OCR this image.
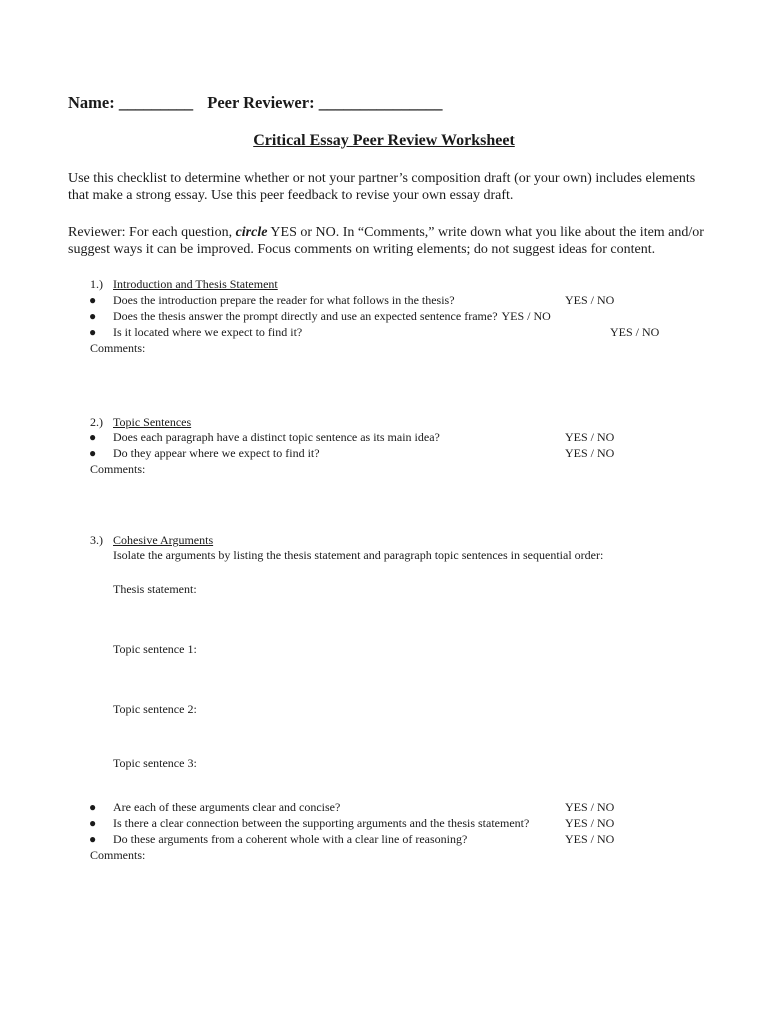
Name: _________ Peer Reviewer: _______________
Critical Essay Peer Review Worksheet
Use this checklist to determine whether or not your partner’s composition draft (or your own) includes elements that make a strong essay. Use this peer feedback to revise your own essay draft.
Reviewer: For each question, circle YES or NO. In “Comments,” write down what you like about the item and/or suggest ways it can be improved. Focus comments on writing elements; do not suggest ideas for content.
1.) Introduction and Thesis Statement
● Does the introduction prepare the reader for what follows in the thesis?	YES / NO
● Does the thesis answer the prompt directly and use an expected sentence frame? YES / NO
● Is it located where we expect to find it?	YES / NO
Comments:
2.) Topic Sentences
● Does each paragraph have a distinct topic sentence as its main idea?	YES / NO
● Do they appear where we expect to find it?	YES / NO
Comments:
3.) Cohesive Arguments
Isolate the arguments by listing the thesis statement and paragraph topic sentences in sequential order:
Thesis statement:
Topic sentence 1:
Topic sentence 2:
Topic sentence 3:
● Are each of these arguments clear and concise?	YES / NO
● Is there a clear connection between the supporting arguments and the thesis statement?	YES / NO
● Do these arguments from a coherent whole with a clear line of reasoning?	YES / NO
Comments:
